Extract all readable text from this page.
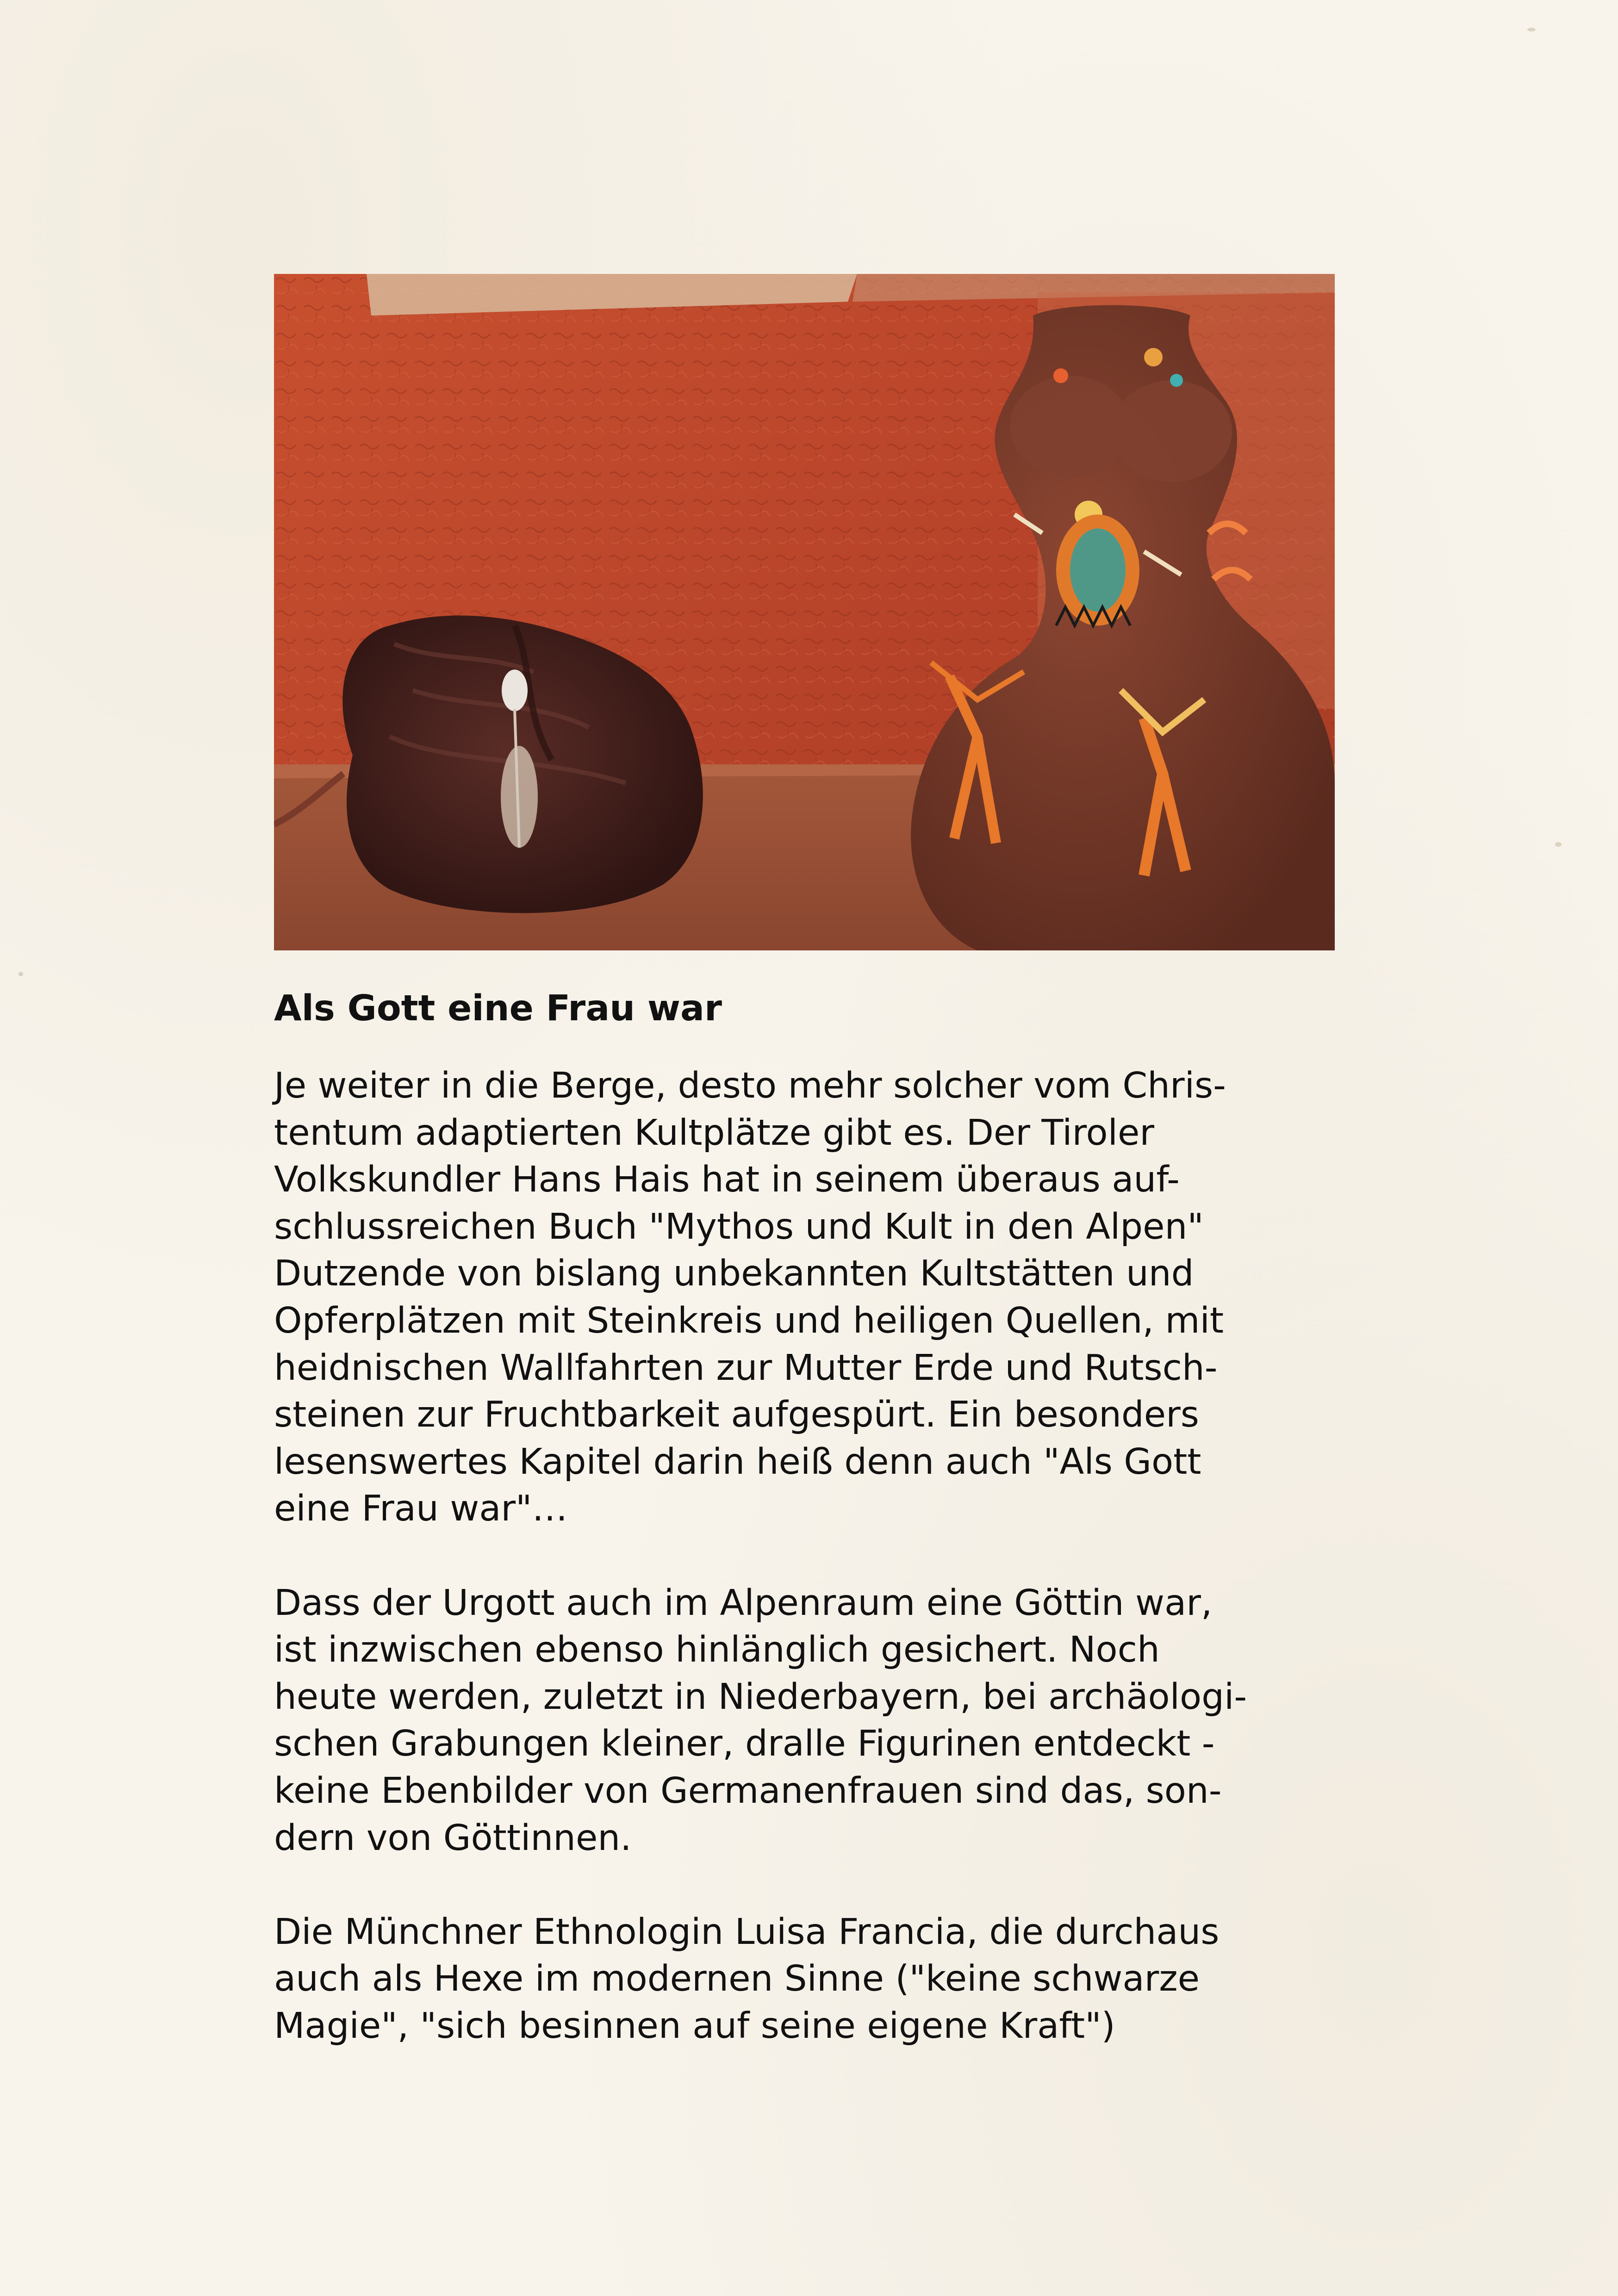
Als Gott eine Frau war

Je weiter in die Berge, desto mehr solcher vom Chris-
tentum adaptierten Kultplätze gibt es. Der Tiroler
Volkskundler Hans Hais hat in seinem überaus auf-
schlussreichen Buch "Mythos und Kult in den Alpen"
Dutzende von bislang unbekannten Kultstätten und
Opferplätzen mit Steinkreis und heiligen Quellen, mit
heidnischen Wallfahrten zur Mutter Erde und Rutsch-
steinen zur Fruchtbarkeit aufgespürt. Ein besonders
lesenswertes Kapitel darin heiß denn auch "Als Gott
eine Frau war"…

Dass der Urgott auch im Alpenraum eine Göttin war,
ist inzwischen ebenso hinlänglich gesichert. Noch
heute werden, zuletzt in Niederbayern, bei archäologi-
schen Grabungen kleiner, dralle Figurinen entdeckt -
keine Ebenbilder von Germanenfrauen sind das, son-
dern von Göttinnen.

Die Münchner Ethnologin Luisa Francia, die durchaus
auch als Hexe im modernen Sinne ("keine schwarze
Magie", "sich besinnen auf seine eigene Kraft")
